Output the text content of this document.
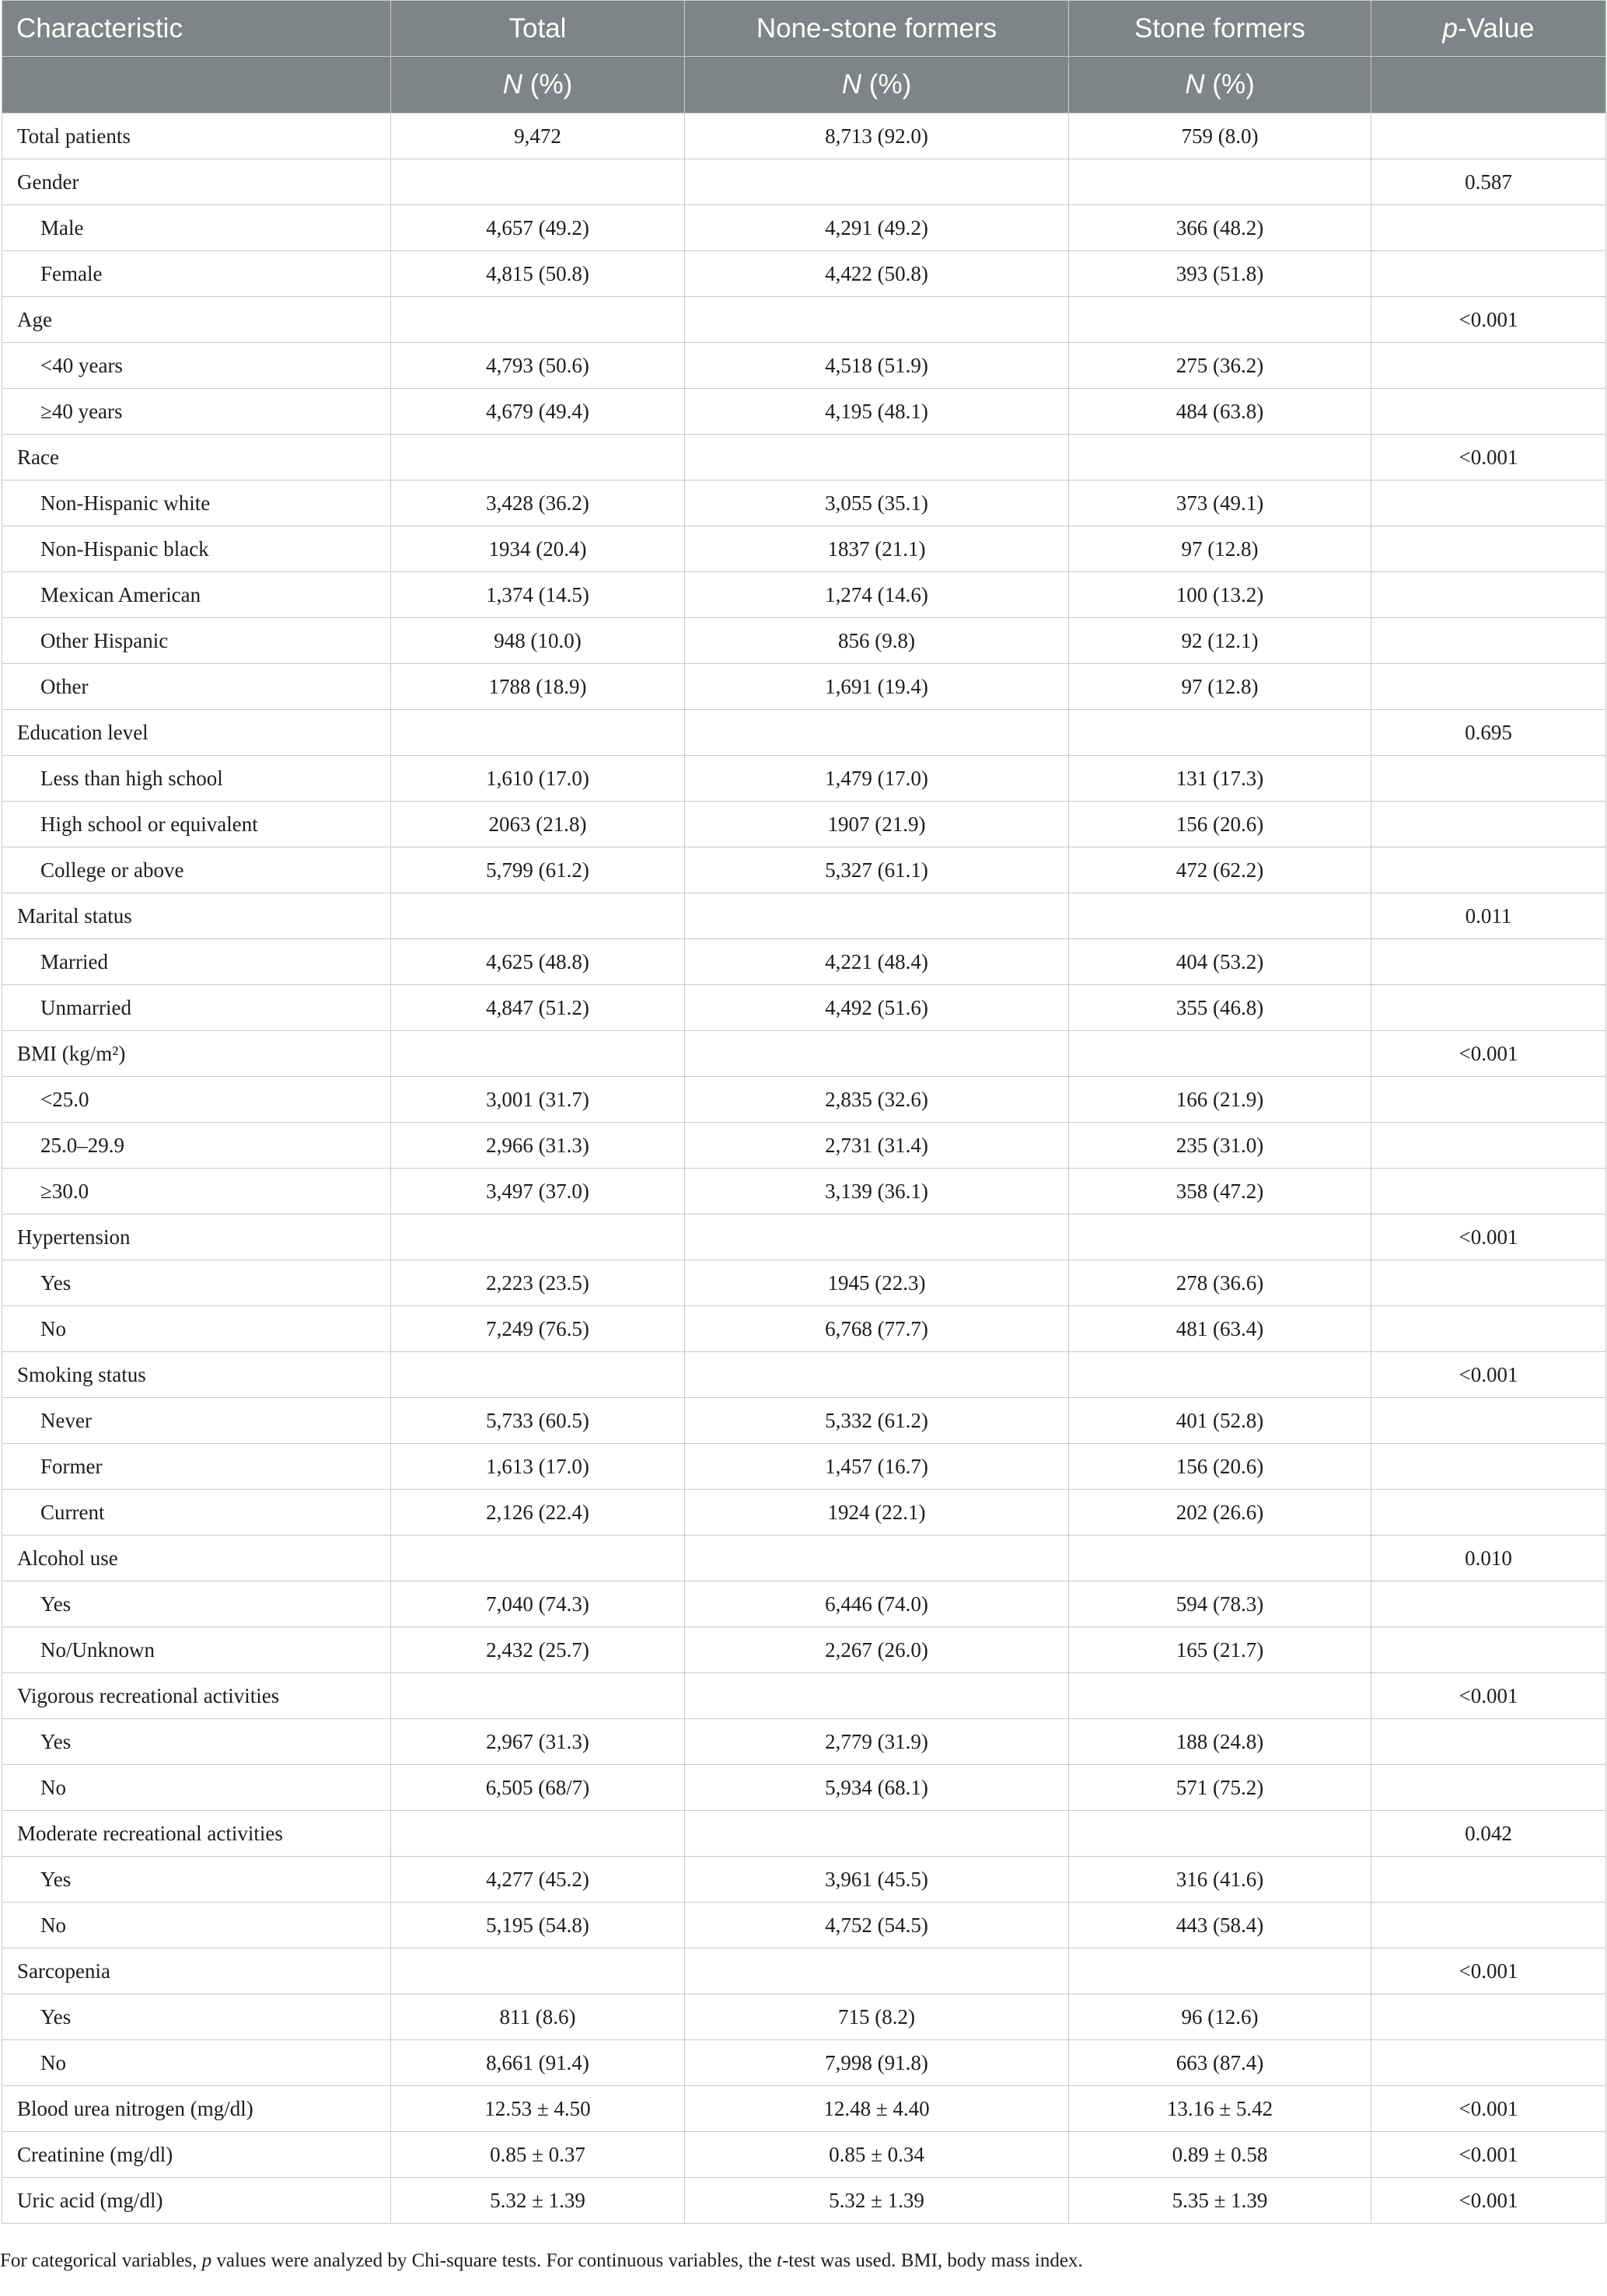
Characteristic	Total	None-stone formers	Stone formers	p-Value
	N (%)	N (%)	N (%)	
Total patients	9,472	8,713 (92.0)	759 (8.0)	
Gender				0.587
Male	4,657 (49.2)	4,291 (49.2)	366 (48.2)	
Female	4,815 (50.8)	4,422 (50.8)	393 (51.8)	
Age				<0.001
<40 years	4,793 (50.6)	4,518 (51.9)	275 (36.2)	
≥40 years	4,679 (49.4)	4,195 (48.1)	484 (63.8)	
Race				<0.001
Non-Hispanic white	3,428 (36.2)	3,055 (35.1)	373 (49.1)	
Non-Hispanic black	1934 (20.4)	1837 (21.1)	97 (12.8)	
Mexican American	1,374 (14.5)	1,274 (14.6)	100 (13.2)	
Other Hispanic	948 (10.0)	856 (9.8)	92 (12.1)	
Other	1788 (18.9)	1,691 (19.4)	97 (12.8)	
Education level				0.695
Less than high school	1,610 (17.0)	1,479 (17.0)	131 (17.3)	
High school or equivalent	2063 (21.8)	1907 (21.9)	156 (20.6)	
College or above	5,799 (61.2)	5,327 (61.1)	472 (62.2)	
Marital status				0.011
Married	4,625 (48.8)	4,221 (48.4)	404 (53.2)	
Unmarried	4,847 (51.2)	4,492 (51.6)	355 (46.8)	
BMI (kg/m²)				<0.001
<25.0	3,001 (31.7)	2,835 (32.6)	166 (21.9)	
25.0–29.9	2,966 (31.3)	2,731 (31.4)	235 (31.0)	
≥30.0	3,497 (37.0)	3,139 (36.1)	358 (47.2)	
Hypertension				<0.001
Yes	2,223 (23.5)	1945 (22.3)	278 (36.6)	
No	7,249 (76.5)	6,768 (77.7)	481 (63.4)	
Smoking status				<0.001
Never	5,733 (60.5)	5,332 (61.2)	401 (52.8)	
Former	1,613 (17.0)	1,457 (16.7)	156 (20.6)	
Current	2,126 (22.4)	1924 (22.1)	202 (26.6)	
Alcohol use				0.010
Yes	7,040 (74.3)	6,446 (74.0)	594 (78.3)	
No/Unknown	2,432 (25.7)	2,267 (26.0)	165 (21.7)	
Vigorous recreational activities				<0.001
Yes	2,967 (31.3)	2,779 (31.9)	188 (24.8)	
No	6,505 (68/7)	5,934 (68.1)	571 (75.2)	
Moderate recreational activities				0.042
Yes	4,277 (45.2)	3,961 (45.5)	316 (41.6)	
No	5,195 (54.8)	4,752 (54.5)	443 (58.4)	
Sarcopenia				<0.001
Yes	811 (8.6)	715 (8.2)	96 (12.6)	
No	8,661 (91.4)	7,998 (91.8)	663 (87.4)	
Blood urea nitrogen (mg/dl)	12.53 ± 4.50	12.48 ± 4.40	13.16 ± 5.42	<0.001
Creatinine (mg/dl)	0.85 ± 0.37	0.85 ± 0.34	0.89 ± 0.58	<0.001
Uric acid (mg/dl)	5.32 ± 1.39	5.32 ± 1.39	5.35 ± 1.39	<0.001
For categorical variables, p values were analyzed by Chi-square tests. For continuous variables, the t-test was used. BMI, body mass index.
